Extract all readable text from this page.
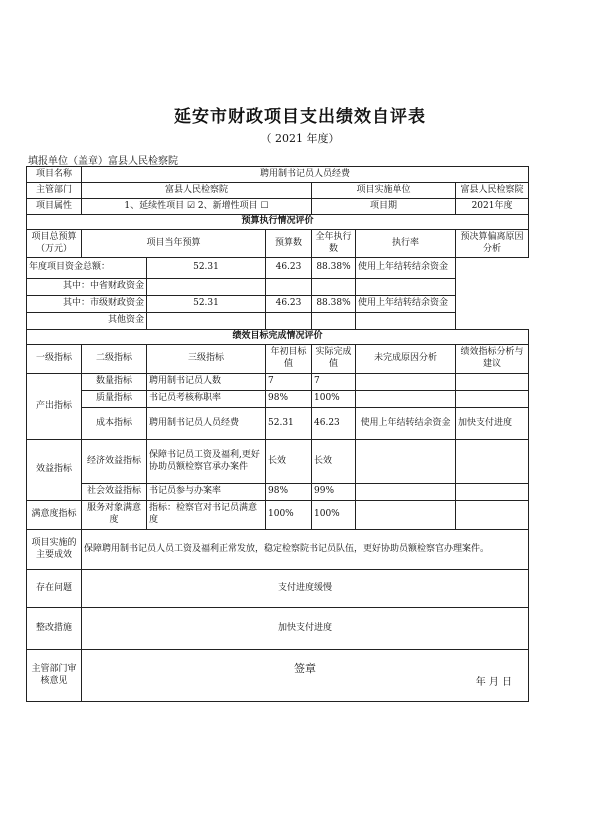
延安市财政项目支出绩效自评表
（ 2021 年度）
填报单位（盖章）富县人民检察院
项目名称	聘用制书记员人员经费					
主管部门	富县人民检察院			项目实施单位		富县人民检察院
项目属性	1、延续性项目 ☑ 2、新增性项目 ☐			项目期		2021年度
预算执行情况评价						
项目总预算（万元）	项目当年预算		预算数	全年执行数	执行率	预决算偏离原因分析
年度项目资金总额：		52.31	46.23	88.38%	使用上年结转结余资金	
其中：中省财政资金						
其中：市级财政资金		52.31	46.23	88.38%	使用上年结转结余资金	
其他资金						
绩效目标完成情况评价						
一级指标	二级指标	三级指标	年初目标值	实际完成值	未完成原因分析	绩效指标分析与建议
产出指标	数量指标	聘用制书记员人数	7	7		
	质量指标	书记员考核称职率	98%	100%		
	成本指标	聘用制书记员人员经费	52.31	46.23	使用上年结转结余资金	加快支付进度
效益指标	经济效益指标	保障书记员工资及福利,更好协助员额检察官承办案件	长效	长效		
	社会效益指标	书记员参与办案率	98%	99%		
满意度指标	服务对象满意度	指标：检察官对书记员满意度	100%	100%		
项目实施的主要成效	保障聘用制书记员人员工资及福利正常发放，稳定检察院书记员队伍，更好协助员额检察官办理案件。					
存在问题	支付进度缓慢					
整改措施	加快支付进度					
主管部门审核意见	签章
年 月 日					
